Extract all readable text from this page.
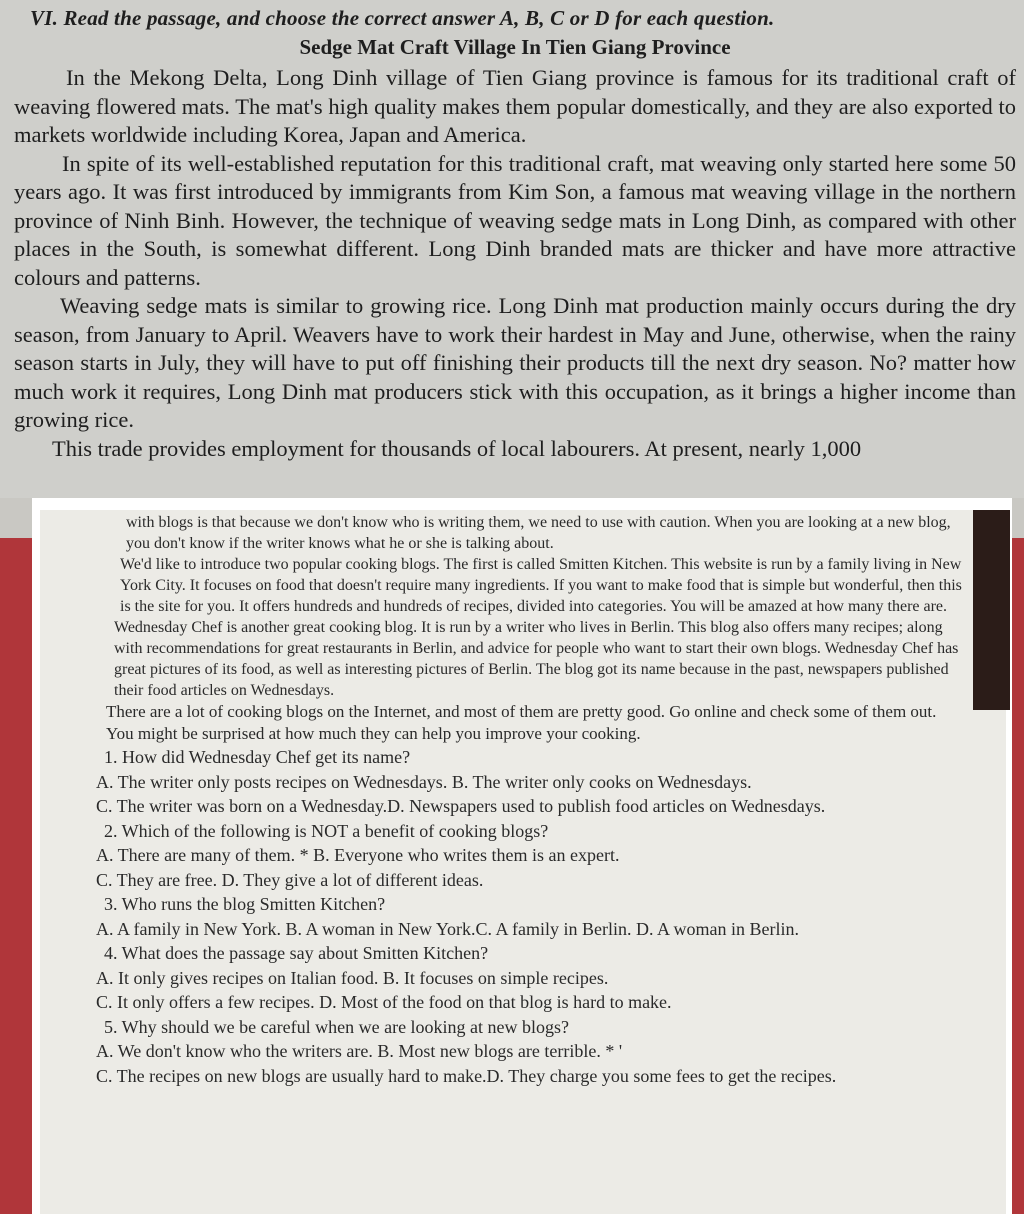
VI. Read the passage, and choose the correct answer A, B, C or D for each question.

Sedge Mat Craft Village In Tien Giang Province

In the Mekong Delta, Long Dinh village of Tien Giang province is famous for its traditional craft of weaving flowered mats. The mat's high quality makes them popular domestically, and they are also exported to markets worldwide including Korea, Japan and America.

In spite of its well-established reputation for this traditional craft, mat weaving only started here some 50 years ago. It was first introduced by immigrants from Kim Son, a famous mat weaving village in the northern province of Ninh Binh. However, the technique of weaving sedge mats in Long Dinh, as compared with other places in the South, is somewhat different. Long Dinh branded mats are thicker and have more attractive colours and patterns.

Weaving sedge mats is similar to growing rice. Long Dinh mat production mainly occurs during the dry season, from January to April. Weavers have to work their hardest in May and June, otherwise, when the rainy season starts in July, they will have to put off finishing their products till the next dry season. No? matter how much work it requires, Long Dinh mat producers stick with this occupation, as it brings a higher income than growing rice.

This trade provides employment for thousands of local labourers. At present, nearly 1,000

with blogs is that because we don't know who is writing them, we need to use with caution. When you are looking at a new blog, you don't know if the writer knows what he or she is talking about.

We'd like to introduce two popular cooking blogs. The first is called Smitten Kitchen. This website is run by a family living in New York City. It focuses on food that doesn't require many ingredients. If you want to make food that is simple but wonderful, then this is the site for you. It offers hundreds and hundreds of recipes, divided into categories. You will be amazed at how many there are.

Wednesday Chef is another great cooking blog. It is run by a writer who lives in Berlin. This blog also offers many recipes; along with recommendations for great restaurants in Berlin, and advice for people who want to start their own blogs. Wednesday Chef has great pictures of its food, as well as interesting pictures of Berlin. The blog got its name because in the past, newspapers published their food articles on Wednesdays.

There are a lot of cooking blogs on the Internet, and most of them are pretty good. Go online and check some of them out. You might be surprised at how much they can help you improve your cooking.

1. How did Wednesday Chef get its name?

A. The writer only posts recipes on Wednesdays. B. The writer only cooks on Wednesdays.

C. The writer was born on a Wednesday.D. Newspapers used to publish food articles on Wednesdays.

2. Which of the following is NOT a benefit of cooking blogs?

A. There are many of them. * B. Everyone who writes them is an expert.

C. They are free. D. They give a lot of different ideas.

3. Who runs the blog Smitten Kitchen?

A. A family in New York. B. A woman in New York.C. A family in Berlin. D. A woman in Berlin.

4. What does the passage say about Smitten Kitchen?

A. It only gives recipes on Italian food. B. It focuses on simple recipes.

C. It only offers a few recipes. D. Most of the food on that blog is hard to make.

5. Why should we be careful when we are looking at new blogs?

A. We don't know who the writers are. B. Most new blogs are terrible. * '

C. The recipes on new blogs are usually hard to make.D. They charge you some fees to get the recipes.
